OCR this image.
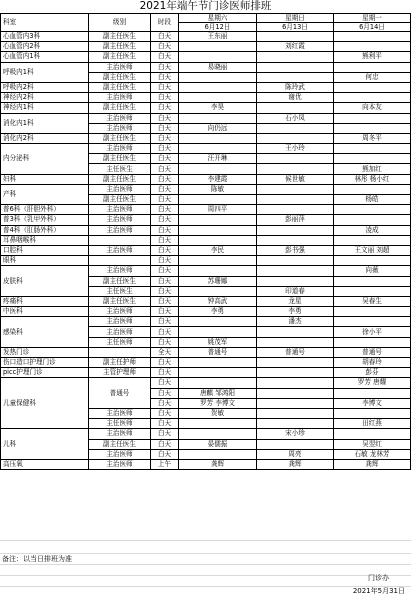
2021年端午节门诊医师排班
科室	级别	时段	星期六	星期日	星期一
			6月12日	6月13日	6月14日
心血管内3科	副主任医生	白天	王东丽		
心血管内2科	副主任医生	白天		刘红霞	
心血管内1科	副主任医生	白天			熊利平
呼吸内1科	主治医师	白天	易晓丽		
	副主任医生	白天			何忠
呼吸内2科	副主任医生	白天		陈玲武	
神经内2科	主治医师	白天		谢优	
神经内1科	副主任医生	白天	李昊		向本友
消化内1科	主治医师	白天		石小凤	
	主治医师	白天	向仍远		
消化内2科	副主任医生	白天			周冬平
内分泌科	主治医师	白天		王小玲	
	副主任医生	白天	汪开琳		
	主任医生	白天			熊加红
妇科	副主任医生	白天	李建霞	候世敏	林彤 杨小红
产科	主治医师	白天	陈敏		
	副主任医生	白天			杨皓
普6科（肝胆外科）	主治医师	白天	周四平		
普3科（乳甲外科）	主治医师	白天		彭丽萍	
普4科（肛肠外科）	主治医师	白天			凌成
耳鼻咽喉科		白天			
口腔科	主治医师	白天	李民	彭书强	王文丽 刘超
眼科		白天			
皮肤科	主治医师	白天			向薇
	副主任医生	白天	苏珊娜		
	主任医生	白天		印道春	
疼痛科	副主任医生	白天	钟高武	龙星	吴春生
中医科	主治医师	白天	李勇	李勇	
感染科	主治医师	白天		潘杰	
	主治医师	白天			徐小平
	主任医师	白天	姚茂军		
发热门诊		全天	普通号	普通号	普通号
伤口造口护理门诊	副主任护师	白天			胡春玲
picc护理门诊	主管护理师	白天			彭芬
儿童保健科	普通号	白天			罗芳 唐耀
		白天	唐麒 邹鸿阳		
		白天	罗芳 李博文		李博文
	主治医师	白天	贺敏		
	主任医师	白天			田红燕
儿科	主治医师	白天		宋小珍	
	副主任医生	白天	晏儒振		吴翌红
	主治医师	白天		周亮	石敏 龙林芳
高压氧	主治医师	上午	龚辉	龚辉	龚辉
备注：以当日排班为准
门诊办
2021年5月31日
